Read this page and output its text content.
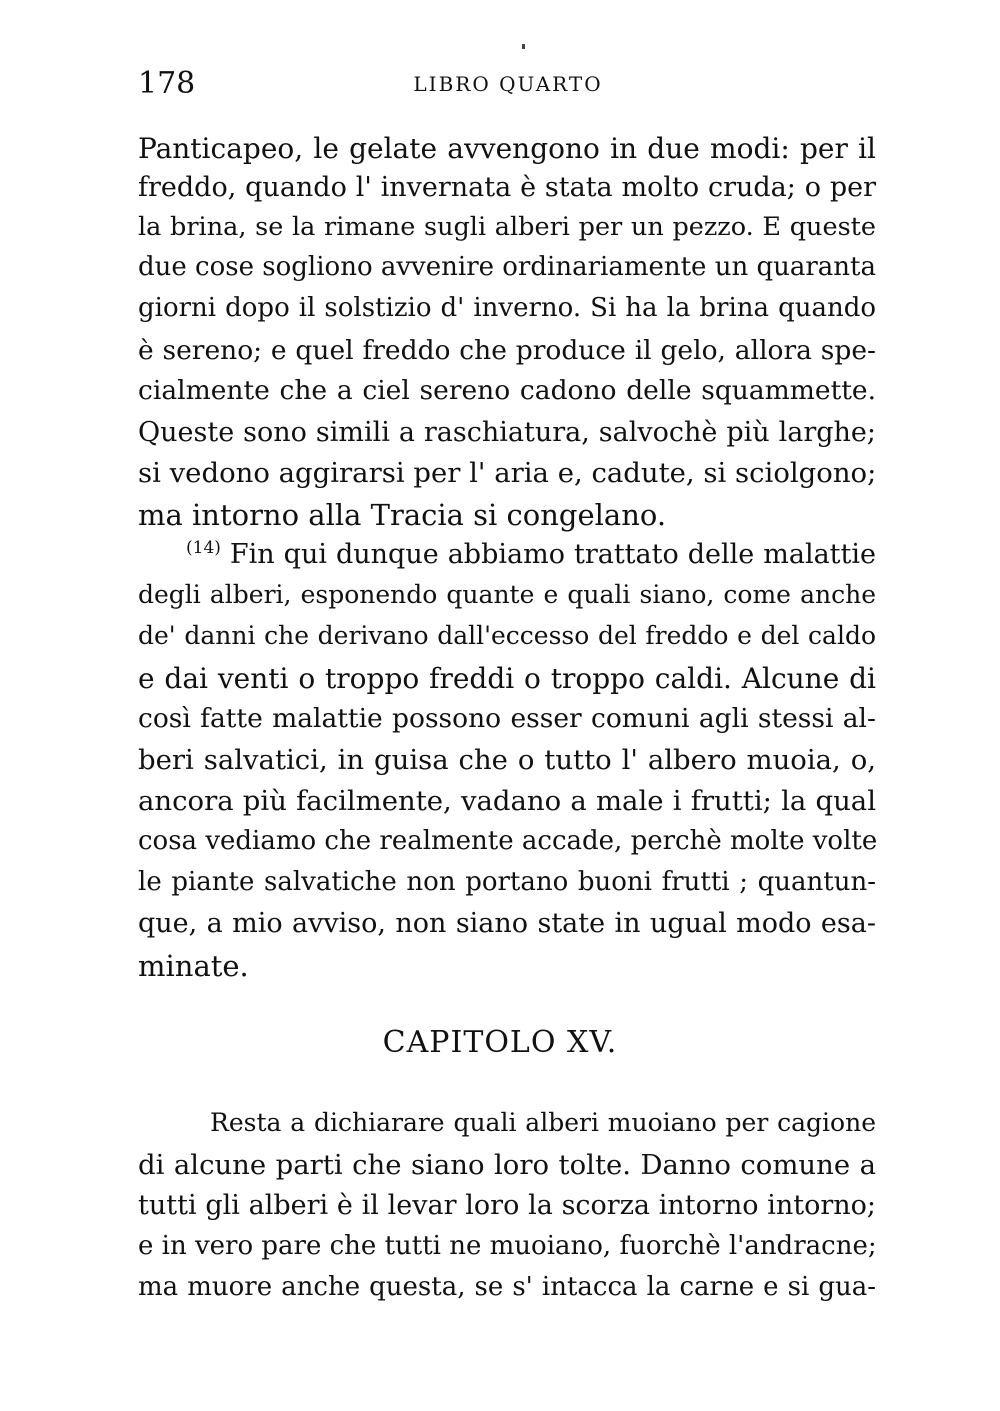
178	LIBRO QUARTO
Panticapeo, le gelate avvengono in due modi: per il
freddo, quando l' invernata è stata molto cruda; o per
la brina, se la rimane sugli alberi per un pezzo. E queste
due cose sogliono avvenire ordinariamente un quaranta
giorni dopo il solstizio d' inverno. Si ha la brina quando
è sereno; e quel freddo che produce il gelo, allora spe-
cialmente che a ciel sereno cadono delle squammette.
Queste sono simili a raschiatura, salvochè più larghe;
si vedono aggirarsi per l' aria e, cadute, si sciolgono;
ma intorno alla Tracia si congelano.
$^{(14)}$ Fin qui dunque abbiamo trattato delle malattie
degli alberi, esponendo quante e quali siano, come anche
de' danni che derivano dall'eccesso del freddo e del caldo
e dai venti o troppo freddi o troppo caldi. Alcune di
così fatte malattie possono esser comuni agli stessi al-
beri salvatici, in guisa che o tutto l' albero muoia, o,
ancora più facilmente, vadano a male i frutti; la qual
cosa vediamo che realmente accade, perchè molte volte
le piante salvatiche non portano buoni frutti ; quantun-
que, a mio avviso, non siano state in ugual modo esa-
minate.
CAPITOLO XV.
Resta a dichiarare quali alberi muoiano per cagione
di alcune parti che siano loro tolte. Danno comune a
tutti gli alberi è il levar loro la scorza intorno intorno;
e in vero pare che tutti ne muoiano, fuorchè l'andracne;
ma muore anche questa, se s' intacca la carne e si gua-
